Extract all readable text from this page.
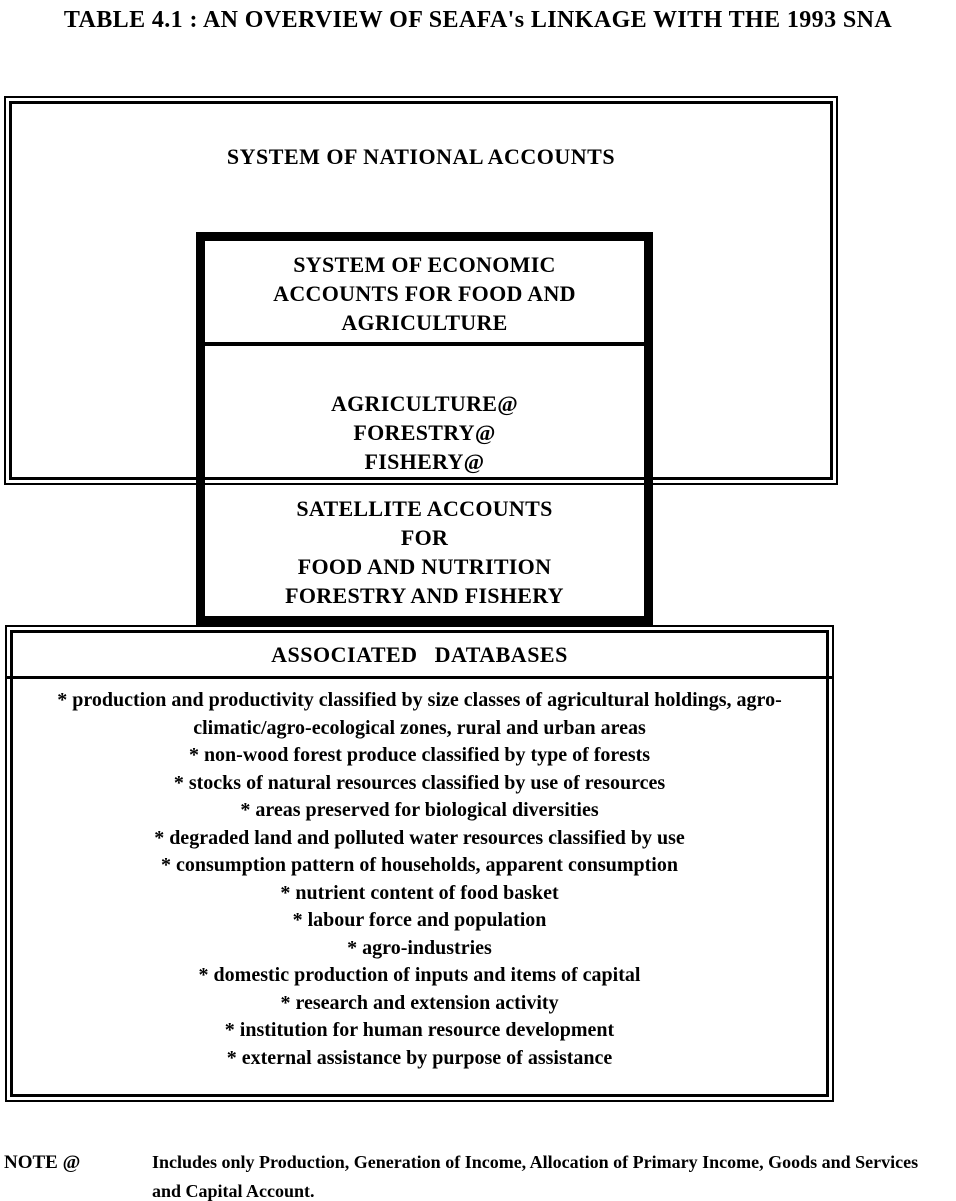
TABLE 4.1 : AN OVERVIEW OF SEAFA's LINKAGE WITH THE 1993 SNA
SYSTEM OF NATIONAL ACCOUNTS
SYSTEM OF ECONOMIC
ACCOUNTS FOR FOOD AND
AGRICULTURE
AGRICULTURE@
FORESTRY@
FISHERY@
SATELLITE ACCOUNTS
FOR
FOOD AND NUTRITION
FORESTRY AND FISHERY
ASSOCIATED DATABASES
* production and productivity classified by size classes of agricultural holdings, agro-climatic/agro-ecological zones, rural and urban areas
* non-wood forest produce classified by type of forests
* stocks of natural resources classified by use of resources
* areas preserved for biological diversities
* degraded land and polluted water resources classified by use
* consumption pattern of households, apparent consumption
* nutrient content of food basket
* labour force and population
* agro-industries
* domestic production of inputs and items of capital
* research and extension activity
* institution for human resource development
* external assistance by purpose of assistance
NOTE @	Includes only Production, Generation of Income, Allocation of Primary Income, Goods and Services and Capital Account.
